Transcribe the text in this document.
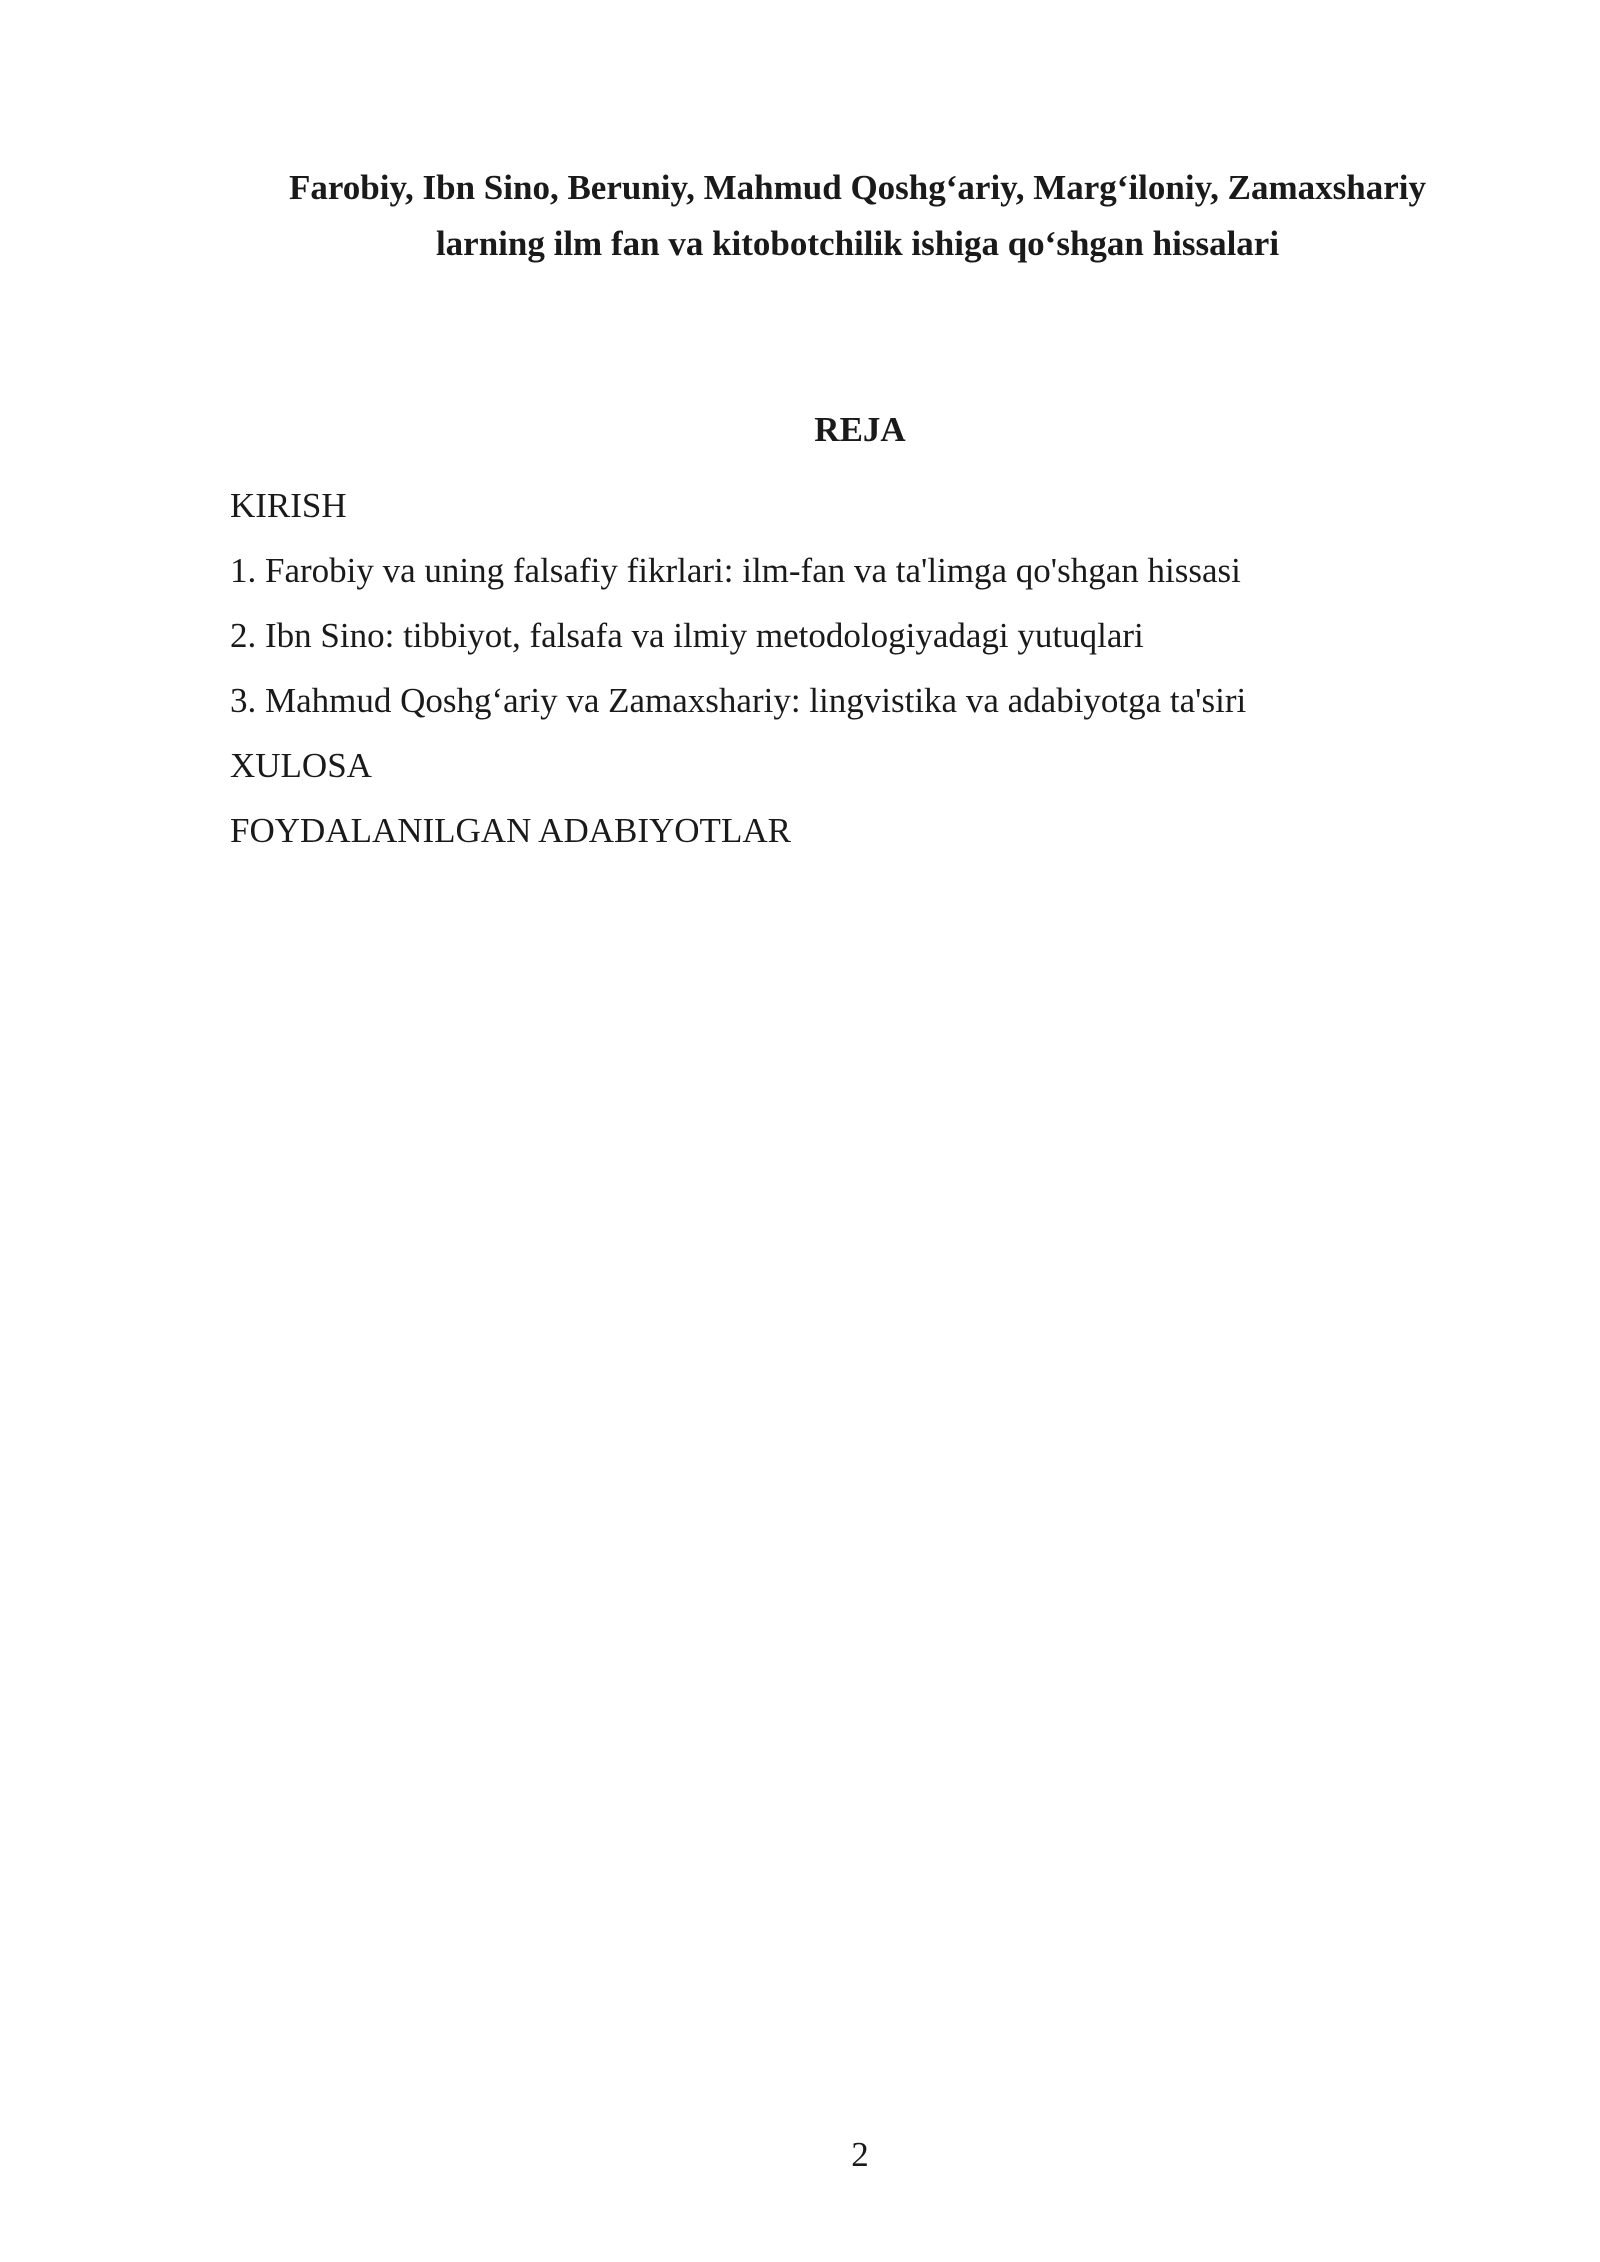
Farobiy, Ibn Sino, Beruniy, Mahmud Qoshg‘ariy, Marg‘iloniy, Zamaxshariy
larning ilm fan va kitobotchilik ishiga qo‘shgan hissalari
REJA
KIRISH
1. Farobiy va uning falsafiy fikrlari: ilm-fan va ta'limga qo'shgan hissasi
2. Ibn Sino: tibbiyot, falsafa va ilmiy metodologiyadagi yutuqlari
3. Mahmud Qoshg‘ariy va Zamaxshariy: lingvistika va adabiyotga ta'siri
XULOSA
FOYDALANILGAN ADABIYOTLAR
2
